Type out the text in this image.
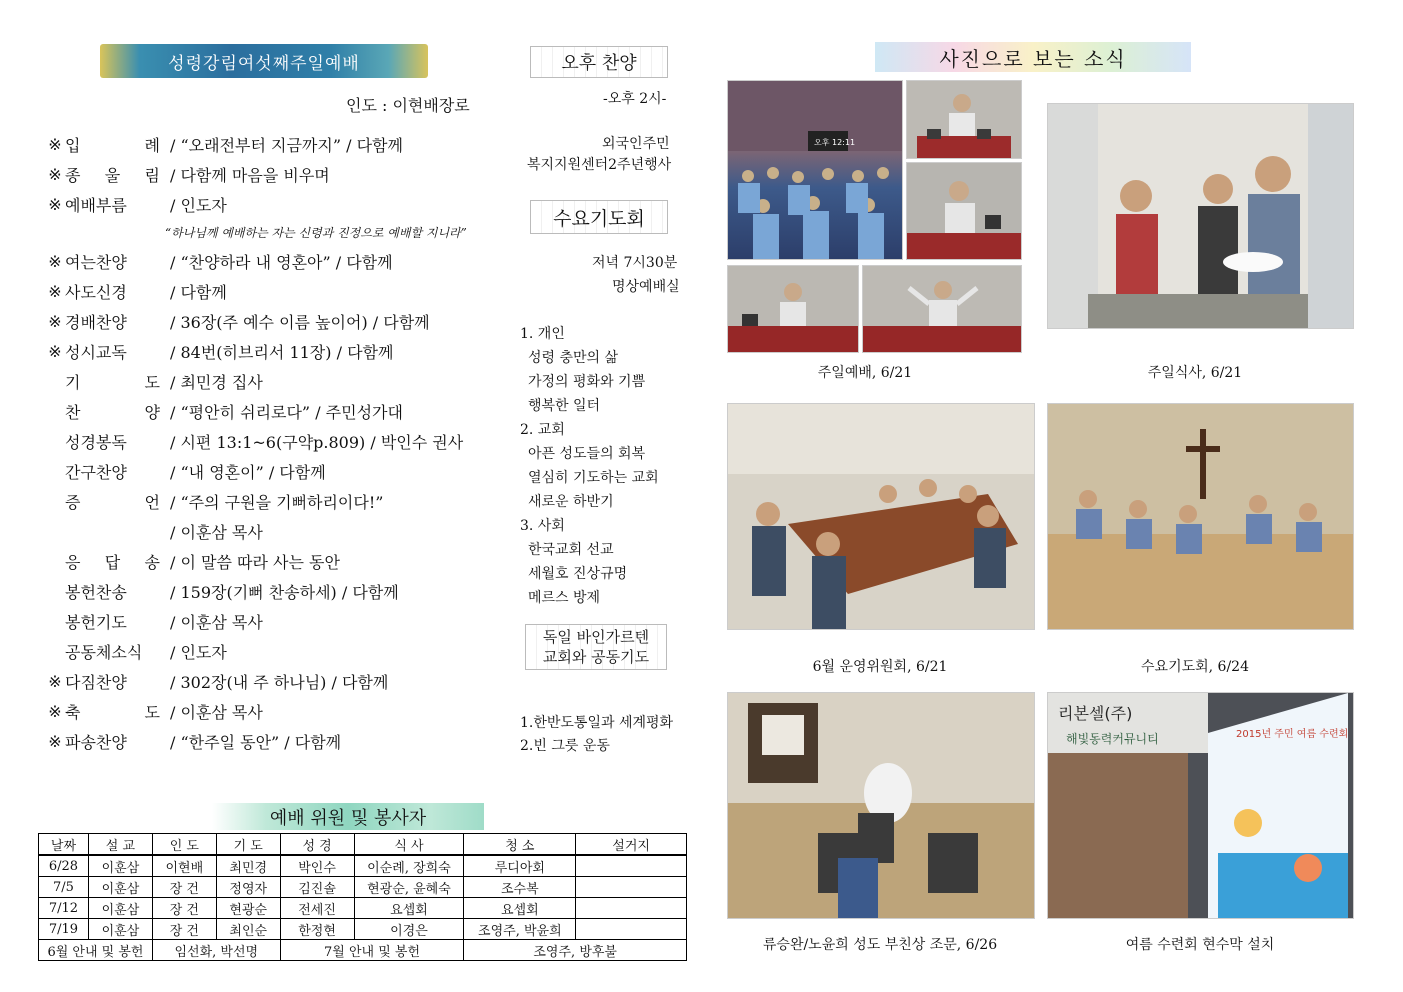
성령강림여섯째주일예배
인도 : 이현배장로
※ 입 례 / “오래전부터 지금까지” / 다함께
※ 종 울 림 / 다함께 마음을 비우며
※ 예배부름	/ 인도자
※ 여는찬양	/ “찬양하라 내 영혼아” / 다함께
※ 사도신경	/ 다함께
※ 경배찬양	/ 36장(주 예수 이름 높이어) / 다함께
※ 성시교독	/ 84번(히브리서 11장) / 다함께
기 도 / 최민경 집사
찬 양 / “평안히 쉬리로다” / 주민성가대
성경봉독	/ 시편 13:1~6(구약p.809) / 박인수 권사
간구찬양	/ “내 영혼이” / 다함께
증 언 / “주의 구원을 기뻐하리이다!”
/ 이훈삼 목사
응 답 송 / 이 말씀 따라 사는 동안
봉헌찬송	/ 159장(기뻐 찬송하세) / 다함께
봉헌기도	/ 이훈삼 목사
공동체소식	/ 인도자
※ 다짐찬양	/ 302장(내 주 하나님) / 다함께
※ 축 도 / 이훈삼 목사
※ 파송찬양	/ “한주일 동안” / 다함께
“하나님께 예배하는 자는 신령과 진정으로 예배할 지니라”
오후 찬양
-오후 2시-
외국인주민
복지지원센터2주년행사
수요기도회
저녁 7시30분
명상예배실
1. 개인
성령 충만의 삶
가정의 평화와 기쁨
행복한 일터
2. 교회
아픈 성도들의 회복
열심히 기도하는 교회
새로운 하반기
3. 사회
한국교회 선교
세월호 진상규명
메르스 방제
독일 바인가르텐
교회와 공동기도
1.한반도통일과 세계평화
2.빈 그릇 운동
예배 위원 및 봉사자
날짜	설 교	인 도	기 도	성 경	식 사	청 소	설거지
6/28	이훈삼	이현배	최민경	박인수	이순례, 장희숙	루디아회	
7/5	이훈삼	장 건	정영자	김진솔	현광순, 윤혜숙	조수복	
7/12	이훈삼	장 건	현광순	전세진	요셉회	요셉회	
7/19	이훈삼	장 건	최인순	한정현	이경은	조영주, 박윤희	
6월 안내 및 봉헌		임선화, 박선명		7월 안내 및 봉헌		조영주, 방후불	
사진으로 보는 소식
오후 12:11
리본셀(주)
해빛동력커뮤니티	2015년 주민 여름 수련회
주일예배, 6/21	주일식사, 6/21
6월 운영위원회, 6/21	수요기도회, 6/24
류승완/노윤희 성도 부친상 조문, 6/26	여름 수련회 현수막 설치
